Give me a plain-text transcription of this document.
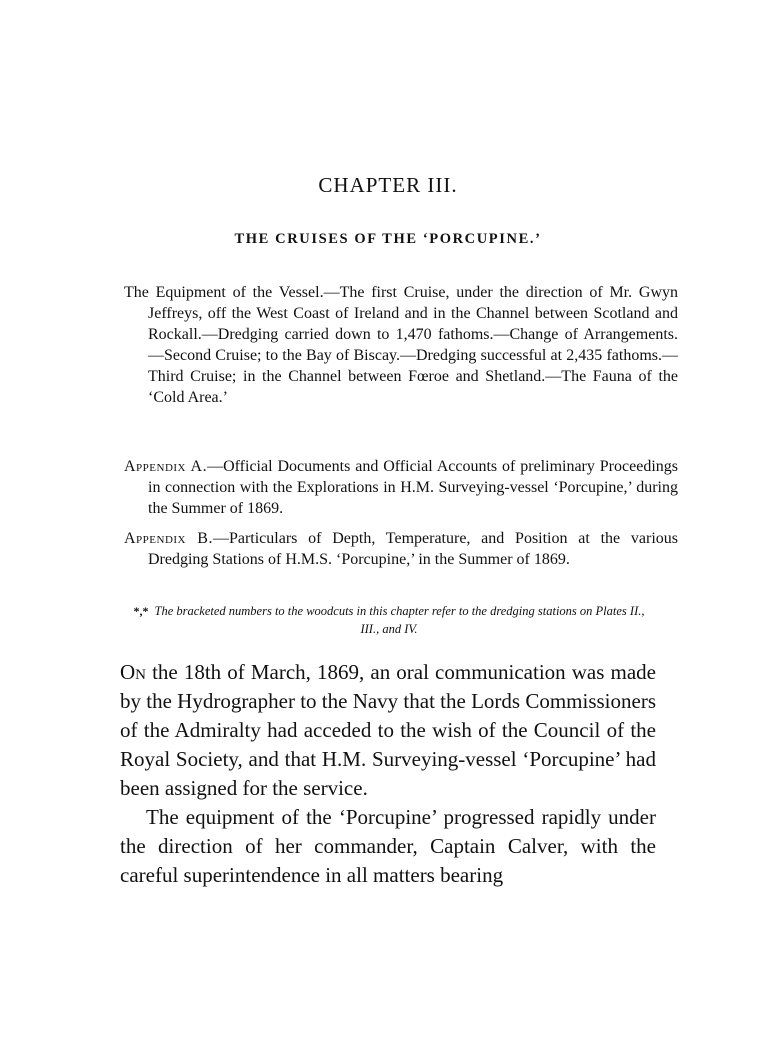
CHAPTER III.
THE CRUISES OF THE ‘PORCUPINE.’
The Equipment of the Vessel.—The first Cruise, under the direction of Mr. Gwyn Jeffreys, off the West Coast of Ireland and in the Channel between Scotland and Rockall.—Dredging carried down to 1,470 fathoms.—Change of Arrangements.—Second Cruise; to the Bay of Biscay.—Dredging successful at 2,435 fathoms.—Third Cruise; in the Channel between Fœroe and Shetland.—The Fauna of the ‘Cold Area.’
Appendix A.—Official Documents and Official Accounts of preliminary Proceedings in connection with the Explorations in H.M. Surveying-vessel ‘Porcupine,’ during the Summer of 1869.
Appendix B.—Particulars of Depth, Temperature, and Position at the various Dredging Stations of H.M.S. ‘Porcupine,’ in the Summer of 1869.
*,* The bracketed numbers to the woodcuts in this chapter refer to the dredging stations on Plates II., III., and IV.

On the 18th of March, 1869, an oral communication was made by the Hydrographer to the Navy that the Lords Commissioners of the Admiralty had acceded to the wish of the Council of the Royal Society, and that H.M. Surveying-vessel ‘Porcupine’ had been assigned for the service.

The equipment of the ‘Porcupine’ progressed rapidly under the direction of her commander, Captain Calver, with the careful superintendence in all matters bearing
